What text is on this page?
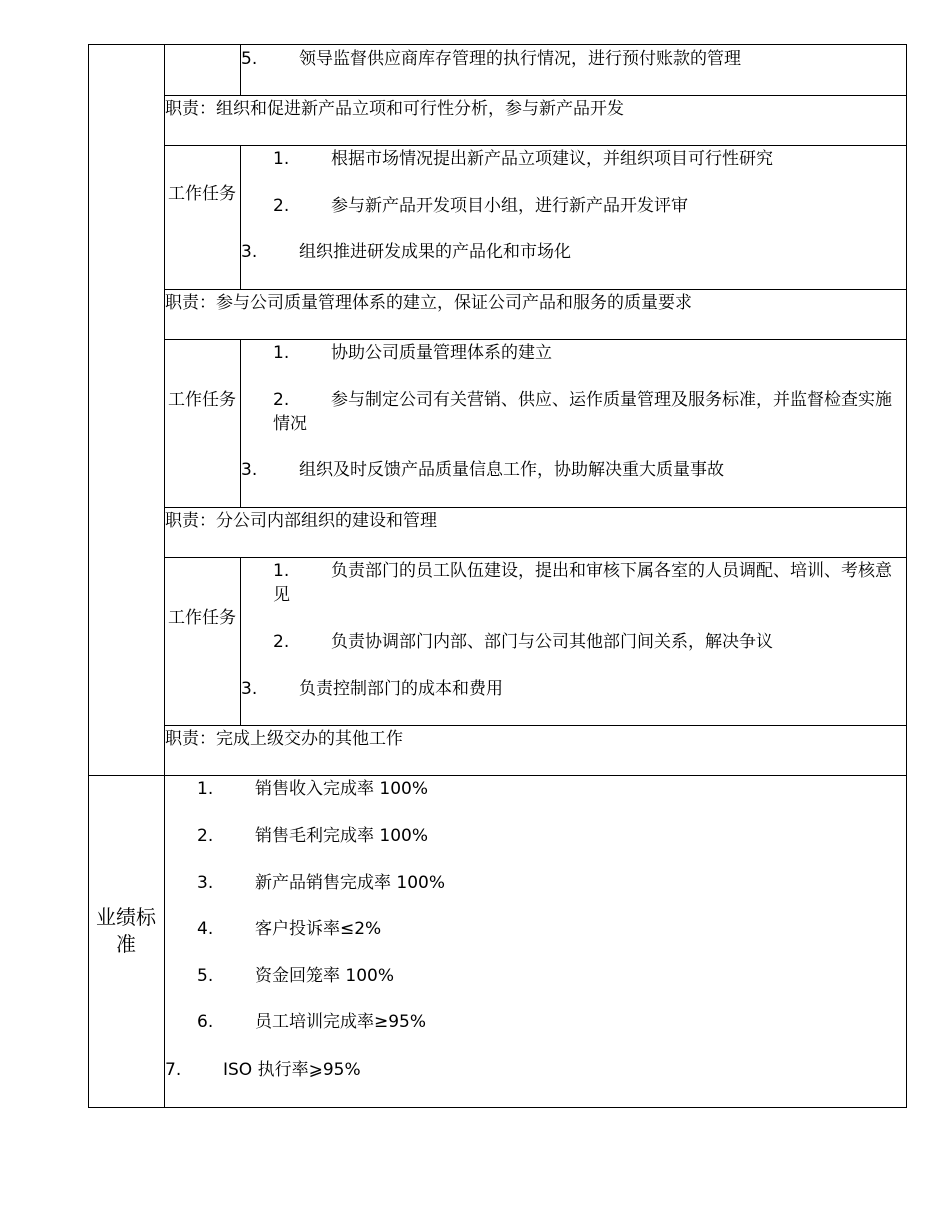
5. 领导监督供应商库存管理的执行情况，进行预付账款的管理
职责：组织和促进新产品立项和可行性分析，参与新产品开发
工作任务
1. 根据市场情况提出新产品立项建议，并组织项目可行性研究
2. 参与新产品开发项目小组，进行新产品开发评审
3. 组织推进研发成果的产品化和市场化
职责：参与公司质量管理体系的建立，保证公司产品和服务的质量要求
工作任务
1. 协助公司质量管理体系的建立
2. 参与制定公司有关营销、供应、运作质量管理及服务标准，并监督检查实施情况
3. 组织及时反馈产品质量信息工作，协助解决重大质量事故
职责：分公司内部组织的建设和管理
工作任务
1. 负责部门的员工队伍建设，提出和审核下属各室的人员调配、培训、考核意见
2. 负责协调部门内部、部门与公司其他部门间关系，解决争议
3. 负责控制部门的成本和费用
职责：完成上级交办的其他工作
业绩标准
1. 销售收入完成率 100%
2. 销售毛利完成率 100%
3. 新产品销售完成率 100%
4. 客户投诉率≤2%
5. 资金回笼率 100%
6. 员工培训完成率≥95%
7. ISO 执行率⩾95%
